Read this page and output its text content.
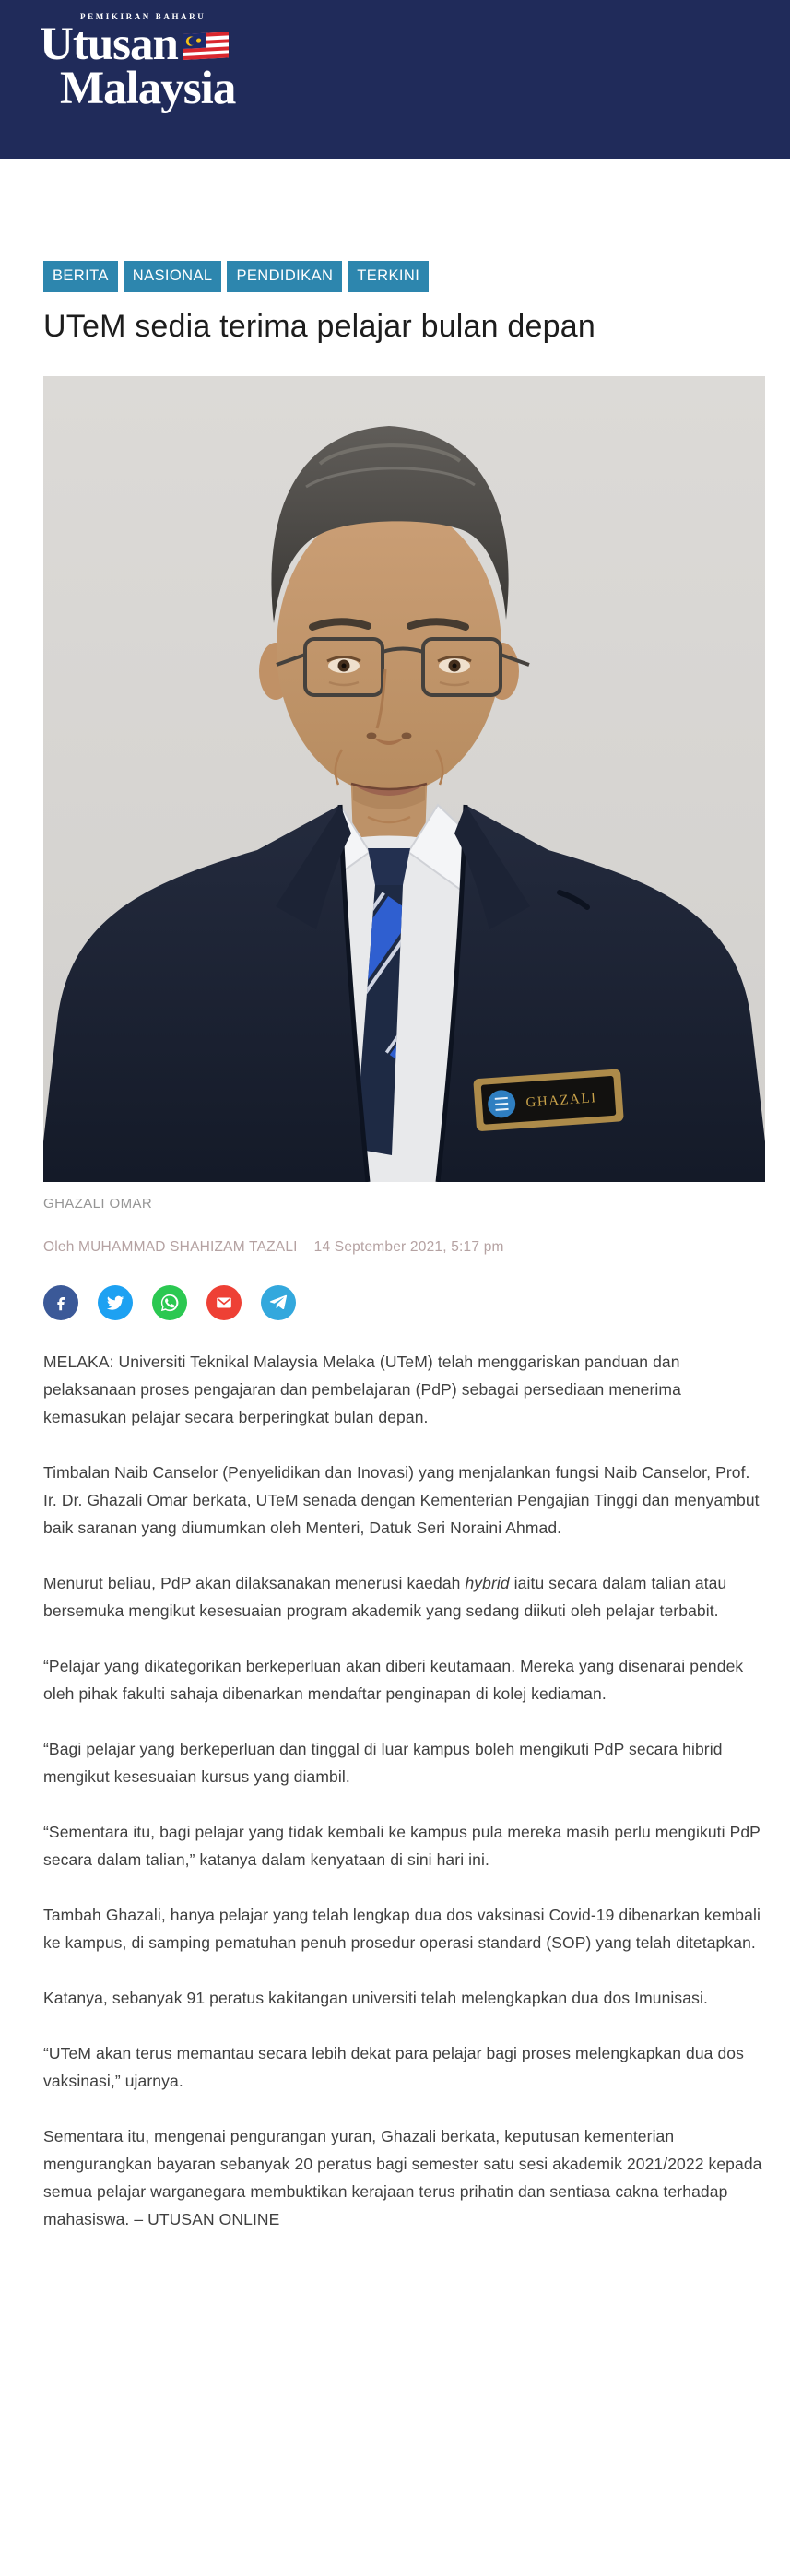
PEMIKIRAN BAHARU
Utusan
Malaysia
BERITA	NASIONAL	PENDIDIKAN	TERKINI
UTeM sedia terima pelajar bulan depan
GHAZALI
GHAZALI OMAR
Oleh MUHAMMAD SHAHIZAM TAZALI 14 September 2021, 5:17 pm

MELAKA: Universiti Teknikal Malaysia Melaka (UTeM) telah menggariskan panduan dan pelaksanaan proses pengajaran dan pembelajaran (PdP) sebagai persediaan menerima kemasukan pelajar secara berperingkat bulan depan.

Timbalan Naib Canselor (Penyelidikan dan Inovasi) yang menjalankan fungsi Naib Canselor, Prof. Ir. Dr. Ghazali Omar berkata, UTeM senada dengan Kementerian Pengajian Tinggi dan menyambut baik saranan yang diumumkan oleh Menteri, Datuk Seri Noraini Ahmad.

Menurut beliau, PdP akan dilaksanakan menerusi kaedah hybrid iaitu secara dalam talian atau bersemuka mengikut kesesuaian program akademik yang sedang diikuti oleh pelajar terbabit.

“Pelajar yang dikategorikan berkeperluan akan diberi keutamaan. Mereka yang disenarai pendek oleh pihak fakulti sahaja dibenarkan mendaftar penginapan di kolej kediaman.

“Bagi pelajar yang berkeperluan dan tinggal di luar kampus boleh mengikuti PdP secara hibrid mengikut kesesuaian kursus yang diambil.

“Sementara itu, bagi pelajar yang tidak kembali ke kampus pula mereka masih perlu mengikuti PdP secara dalam talian,” katanya dalam kenyataan di sini hari ini.

Tambah Ghazali, hanya pelajar yang telah lengkap dua dos vaksinasi Covid-19 dibenarkan kembali ke kampus, di samping pematuhan penuh prosedur operasi standard (SOP) yang telah ditetapkan.

Katanya, sebanyak 91 peratus kakitangan universiti telah melengkapkan dua dos Imunisasi.

“UTeM akan terus memantau secara lebih dekat para pelajar bagi proses melengkapkan dua dos vaksinasi,” ujarnya.

Sementara itu, mengenai pengurangan yuran, Ghazali berkata, keputusan kementerian mengurangkan bayaran sebanyak 20 peratus bagi semester satu sesi akademik 2021/2022 kepada semua pelajar warganegara membuktikan kerajaan terus prihatin dan sentiasa cakna terhadap mahasiswa. – UTUSAN ONLINE
